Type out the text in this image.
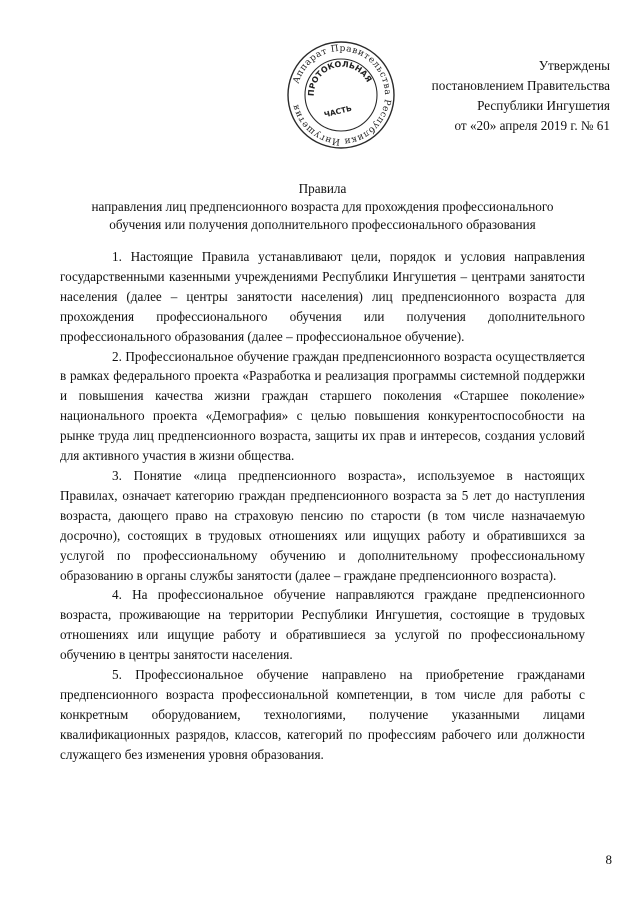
Аппарат Правительства Республики Ингушетия
ПРОТОКОЛЬНАЯ
ЧАСТЬ
Утверждены
постановлением Правительства
Республики Ингушетия
от «20» апреля 2019 г. № 61
Правила
направления лиц предпенсионного возраста для прохождения профессионального
обучения или получения дополнительного профессионального образования

1. Настоящие Правила устанавливают цели, порядок и условия направления государственными казенными учреждениями Республики Ингушетия – центрами занятости населения (далее – центры занятости населения) лиц предпенсионного возраста для прохождения профессионального обучения или получения дополнительного профессионального образования (далее – профессиональное обучение).

2. Профессиональное обучение граждан предпенсионного возраста осуществляется в рамках федерального проекта «Разработка и реализация программы системной поддержки и повышения качества жизни граждан старшего поколения «Старшее поколение» национального проекта «Демография» с целью повышения конкурентоспособности на рынке труда лиц предпенсионного возраста, защиты их прав и интересов, создания условий для активного участия в жизни общества.

3. Понятие «лица предпенсионного возраста», используемое в настоящих Правилах, означает категорию граждан предпенсионного возраста за 5 лет до наступления возраста, дающего право на страховую пенсию по старости (в том числе назначаемую досрочно), состоящих в трудовых отношениях или ищущих работу и обратившихся за услугой по профессиональному обучению и дополнительному профессиональному образованию в органы службы занятости (далее – граждане предпенсионного возраста).

4. На профессиональное обучение направляются граждане предпенсионного возраста, проживающие на территории Республики Ингушетия, состоящие в трудовых отношениях или ищущие работу и обратившиеся за услугой по профессиональному обучению в центры занятости населения.

5. Профессиональное обучение направлено на приобретение гражданами предпенсионного возраста профессиональной компетенции, в том числе для работы с конкретным оборудованием, технологиями, получение указанными лицами квалификационных разрядов, классов, категорий по профессиям рабочего или должности служащего без изменения уровня образования.

8
